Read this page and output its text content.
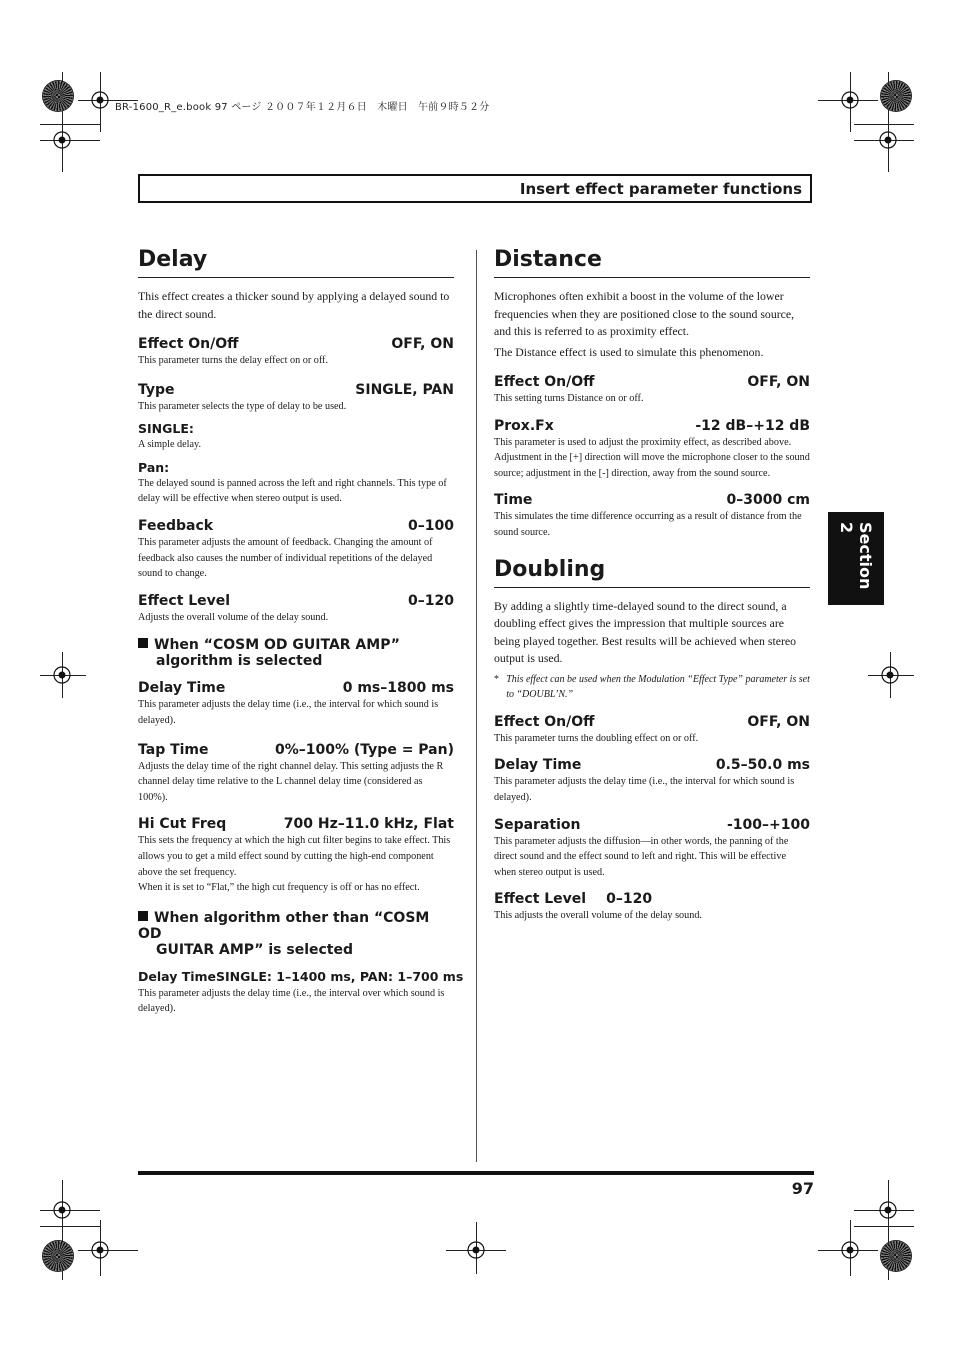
BR-1600_R_e.book 97 ページ ２００７年１２月６日　木曜日　午前９時５２分
Insert effect parameter functions
Delay

This effect creates a thicker sound by applying a delayed sound to the direct sound.

Effect On/Off	OFF, ON

This parameter turns the delay effect on or off.

Type	SINGLE, PAN

This parameter selects the type of delay to be used.

SINGLE:

A simple delay.

Pan:

The delayed sound is panned across the left and right channels. This type of delay will be effective when stereo output is used.

Feedback	0–100

This parameter adjusts the amount of feedback. Changing the amount of feedback also causes the number of individual repetitions of the delayed sound to change.

Effect Level	0–120

Adjusts the overall volume of the delay sound.

When “COSM OD GUITAR AMP”
algorithm is selected
Delay Time	0 ms–1800 ms

This parameter adjusts the delay time (i.e., the interval for which sound is delayed).

Tap Time	0%–100% (Type = Pan)

Adjusts the delay time of the right channel delay. This setting adjusts the R channel delay time relative to the L channel delay time (considered as 100%).

Hi Cut Freq	700 Hz–11.0 kHz, Flat

This sets the frequency at which the high cut filter begins to take effect. This allows you to get a mild effect sound by cutting the high-end component above the set frequency.

When it is set to “Flat,” the high cut frequency is off or has no effect.

When algorithm other than “COSM OD
GUITAR AMP” is selected
Delay Time SINGLE: 1–1400 ms, PAN: 1–700 ms

This parameter adjusts the delay time (i.e., the interval over which sound is delayed).

Distance

Microphones often exhibit a boost in the volume of the lower frequencies when they are positioned close to the sound source, and this is referred to as proximity effect.

The Distance effect is used to simulate this phenomenon.

Effect On/Off	OFF, ON

This setting turns Distance on or off.

Prox.Fx	-12 dB–+12 dB

This parameter is used to adjust the proximity effect, as described above. Adjustment in the [+] direction will move the microphone closer to the sound source; adjustment in the [-] direction, away from the sound source.

Time	0–3000 cm

This simulates the time difference occurring as a result of distance from the sound source.

Doubling

By adding a slightly time-delayed sound to the direct sound, a doubling effect gives the impression that multiple sources are being played together. Best results will be achieved when stereo output is used.

* This effect can be used when the Modulation “Effect Type” parameter is set to “DOUBL’N.”
Effect On/Off	OFF, ON

This parameter turns the doubling effect on or off.

Delay Time	0.5–50.0 ms

This parameter adjusts the delay time (i.e., the interval for which sound is delayed).

Separation	-100–+100

This parameter adjusts the diffusion—in other words, the panning of the direct sound and the effect sound to left and right. This will be effective when stereo output is used.

Effect Level 0–120

This adjusts the overall volume of the delay sound.

Section 2
97
